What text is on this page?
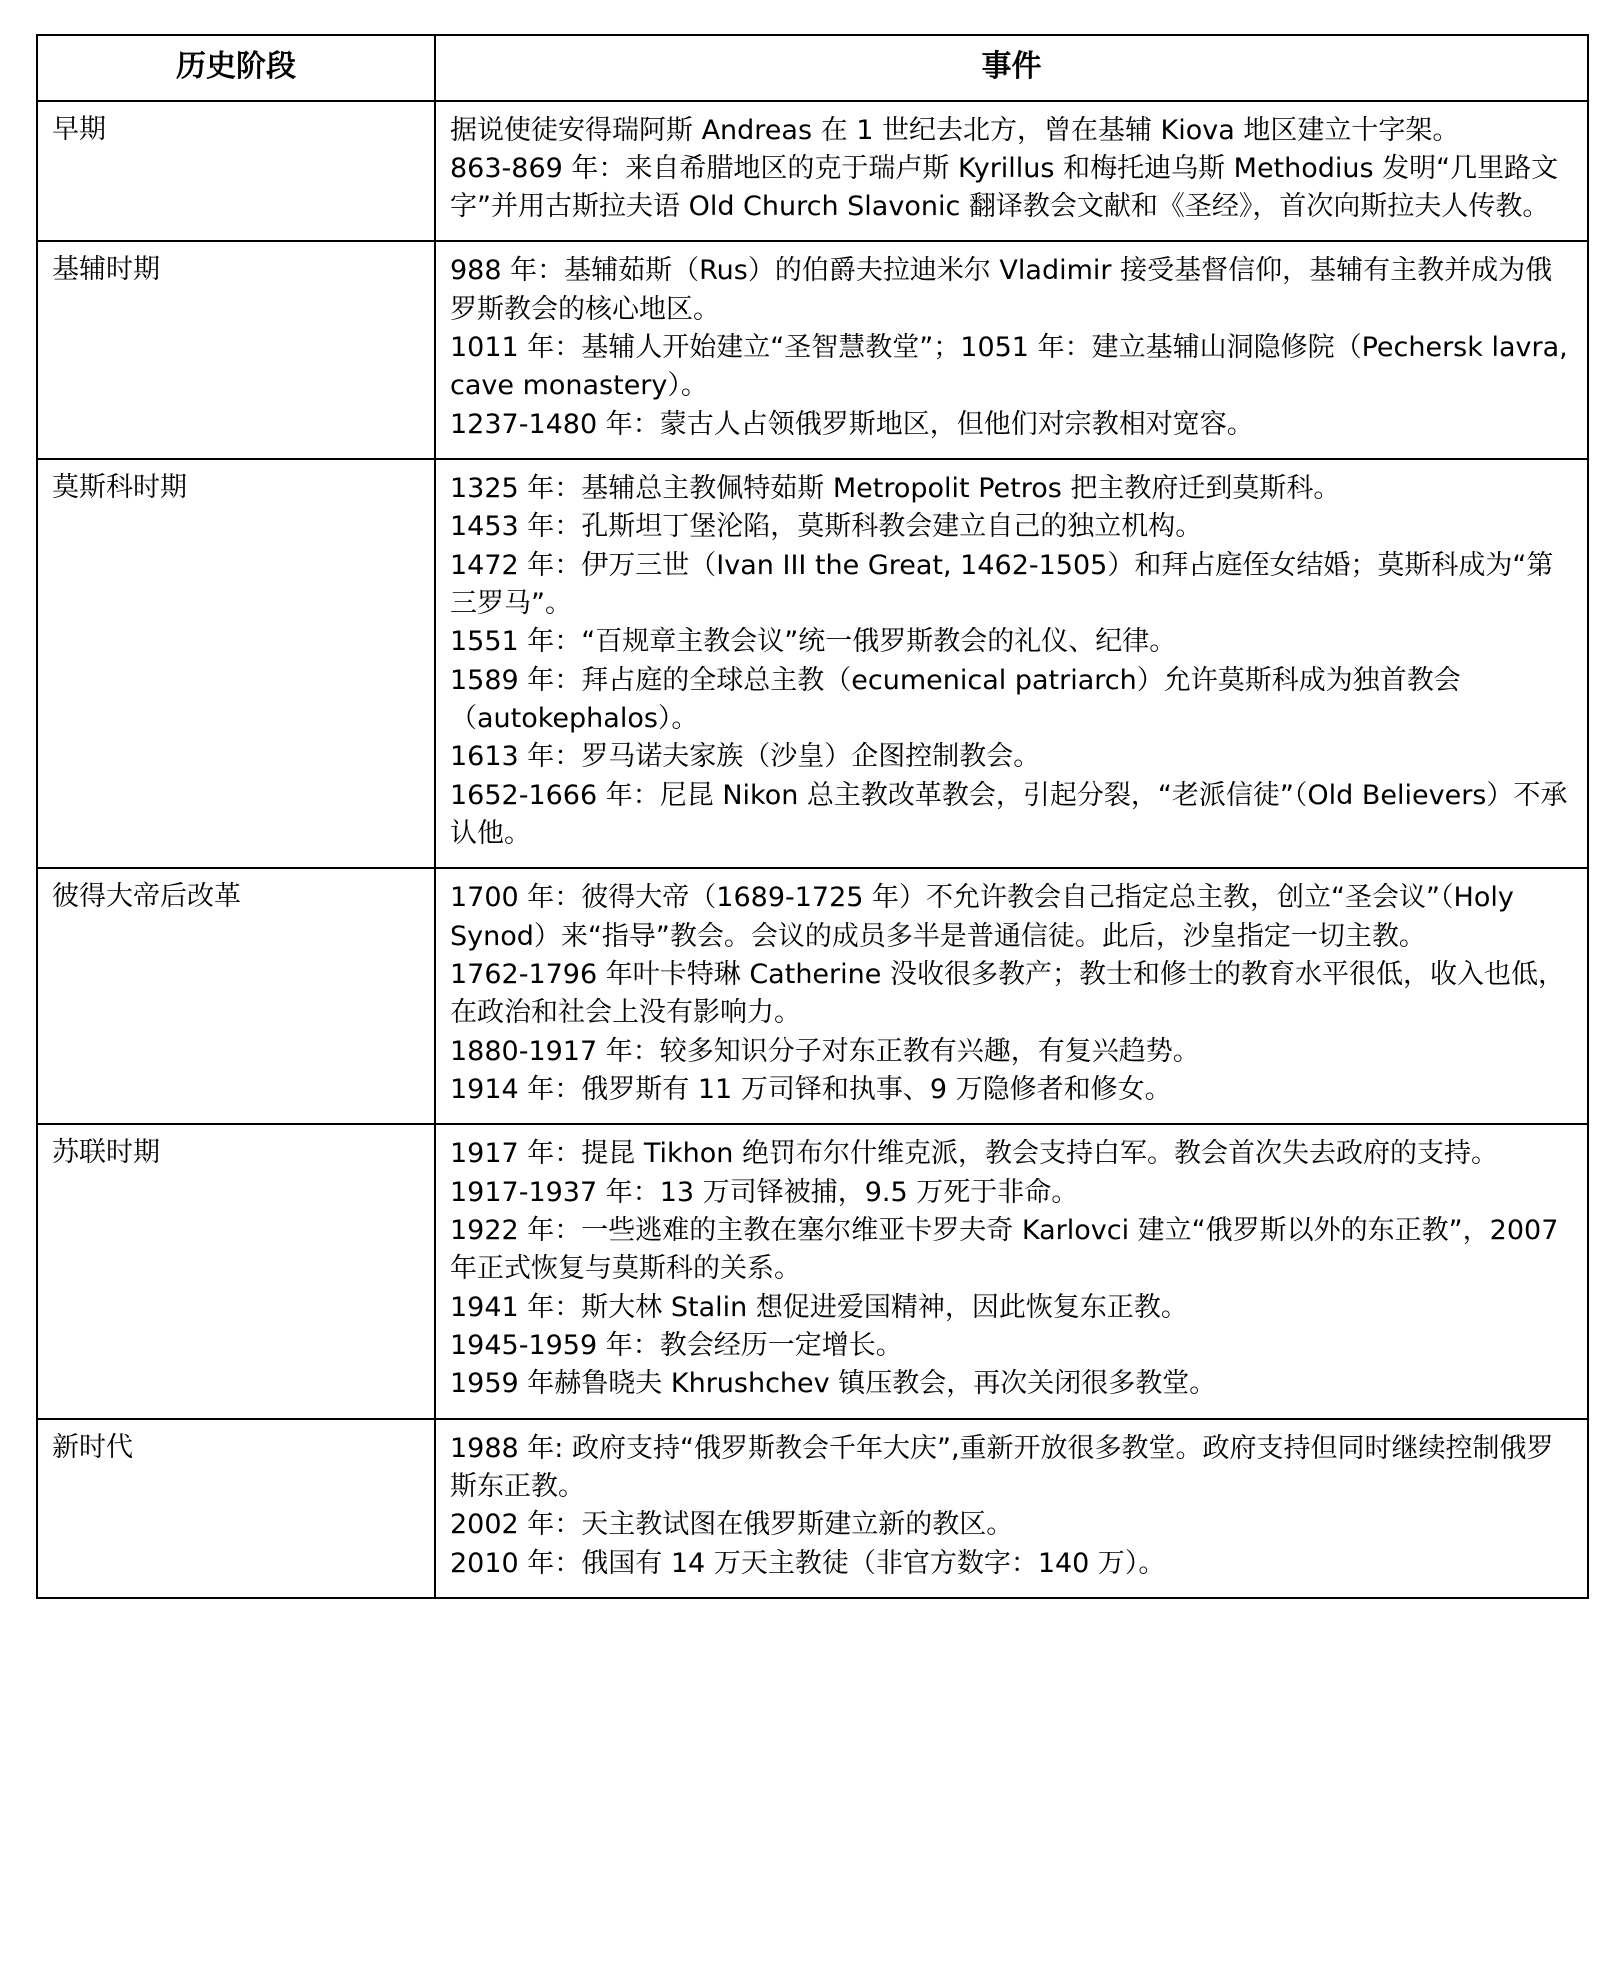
历史阶段	事件
早期	据说使徒安得瑞阿斯 Andreas 在 1 世纪去北方，曾在基辅 Kiova 地区建立十字架。
863-869 年：来自希腊地区的克于瑞卢斯 Kyrillus 和梅托迪乌斯 Methodius 发明“几里路文字”并用古斯拉夫语 Old Church Slavonic 翻译教会文献和《圣经》，首次向斯拉夫人传教。

基辅时期	988 年：基辅茹斯（Rus）的伯爵夫拉迪米尔 Vladimir 接受基督信仰，基辅有主教并成为俄罗斯教会的核心地区。
1011 年：基辅人开始建立“圣智慧教堂”；1051 年：建立基辅山洞隐修院（Pechersk lavra, cave monastery）。
1237-1480 年：蒙古人占领俄罗斯地区，但他们对宗教相对宽容。

莫斯科时期	1325 年：基辅总主教佩特茹斯 Metropolit Petros 把主教府迁到莫斯科。
1453 年：孔斯坦丁堡沦陷，莫斯科教会建立自己的独立机构。
1472 年：伊万三世（Ivan III the Great, 1462-1505）和拜占庭侄女结婚；莫斯科成为“第三罗马”。
1551 年：“百规章主教会议”统一俄罗斯教会的礼仪、纪律。
1589 年：拜占庭的全球总主教（ecumenical patriarch）允许莫斯科成为独首教会（autokephalos）。
1613 年：罗马诺夫家族（沙皇）企图控制教会。
1652-1666 年：尼昆 Nikon 总主教改革教会，引起分裂，“老派信徒”（Old Believers）不承认他。

彼得大帝后改革	1700 年：彼得大帝（1689-1725 年）不允许教会自己指定总主教，创立“圣会议”（Holy Synod）来“指导”教会。会议的成员多半是普通信徒。此后，沙皇指定一切主教。
1762-1796 年叶卡特琳 Catherine 没收很多教产；教士和修士的教育水平很低，收入也低，在政治和社会上没有影响力。
1880-1917 年：较多知识分子对东正教有兴趣，有复兴趋势。
1914 年：俄罗斯有 11 万司铎和执事、9 万隐修者和修女。

苏联时期	1917 年：提昆 Tikhon 绝罚布尔什维克派，教会支持白军。教会首次失去政府的支持。
1917-1937 年：13 万司铎被捕，9.5 万死于非命。
1922 年：一些逃难的主教在塞尔维亚卡罗夫奇 Karlovci 建立“俄罗斯以外的东正教”，2007 年正式恢复与莫斯科的关系。
1941 年：斯大林 Stalin 想促进爱国精神，因此恢复东正教。
1945-1959 年：教会经历一定增长。
1959 年赫鲁晓夫 Khrushchev 镇压教会，再次关闭很多教堂。

新时代	1988 年: 政府支持“俄罗斯教会千年大庆”,重新开放很多教堂。政府支持但同时继续控制俄罗斯东正教。
2002 年：天主教试图在俄罗斯建立新的教区。
2010 年：俄国有 14 万天主教徒（非官方数字：140 万）。
